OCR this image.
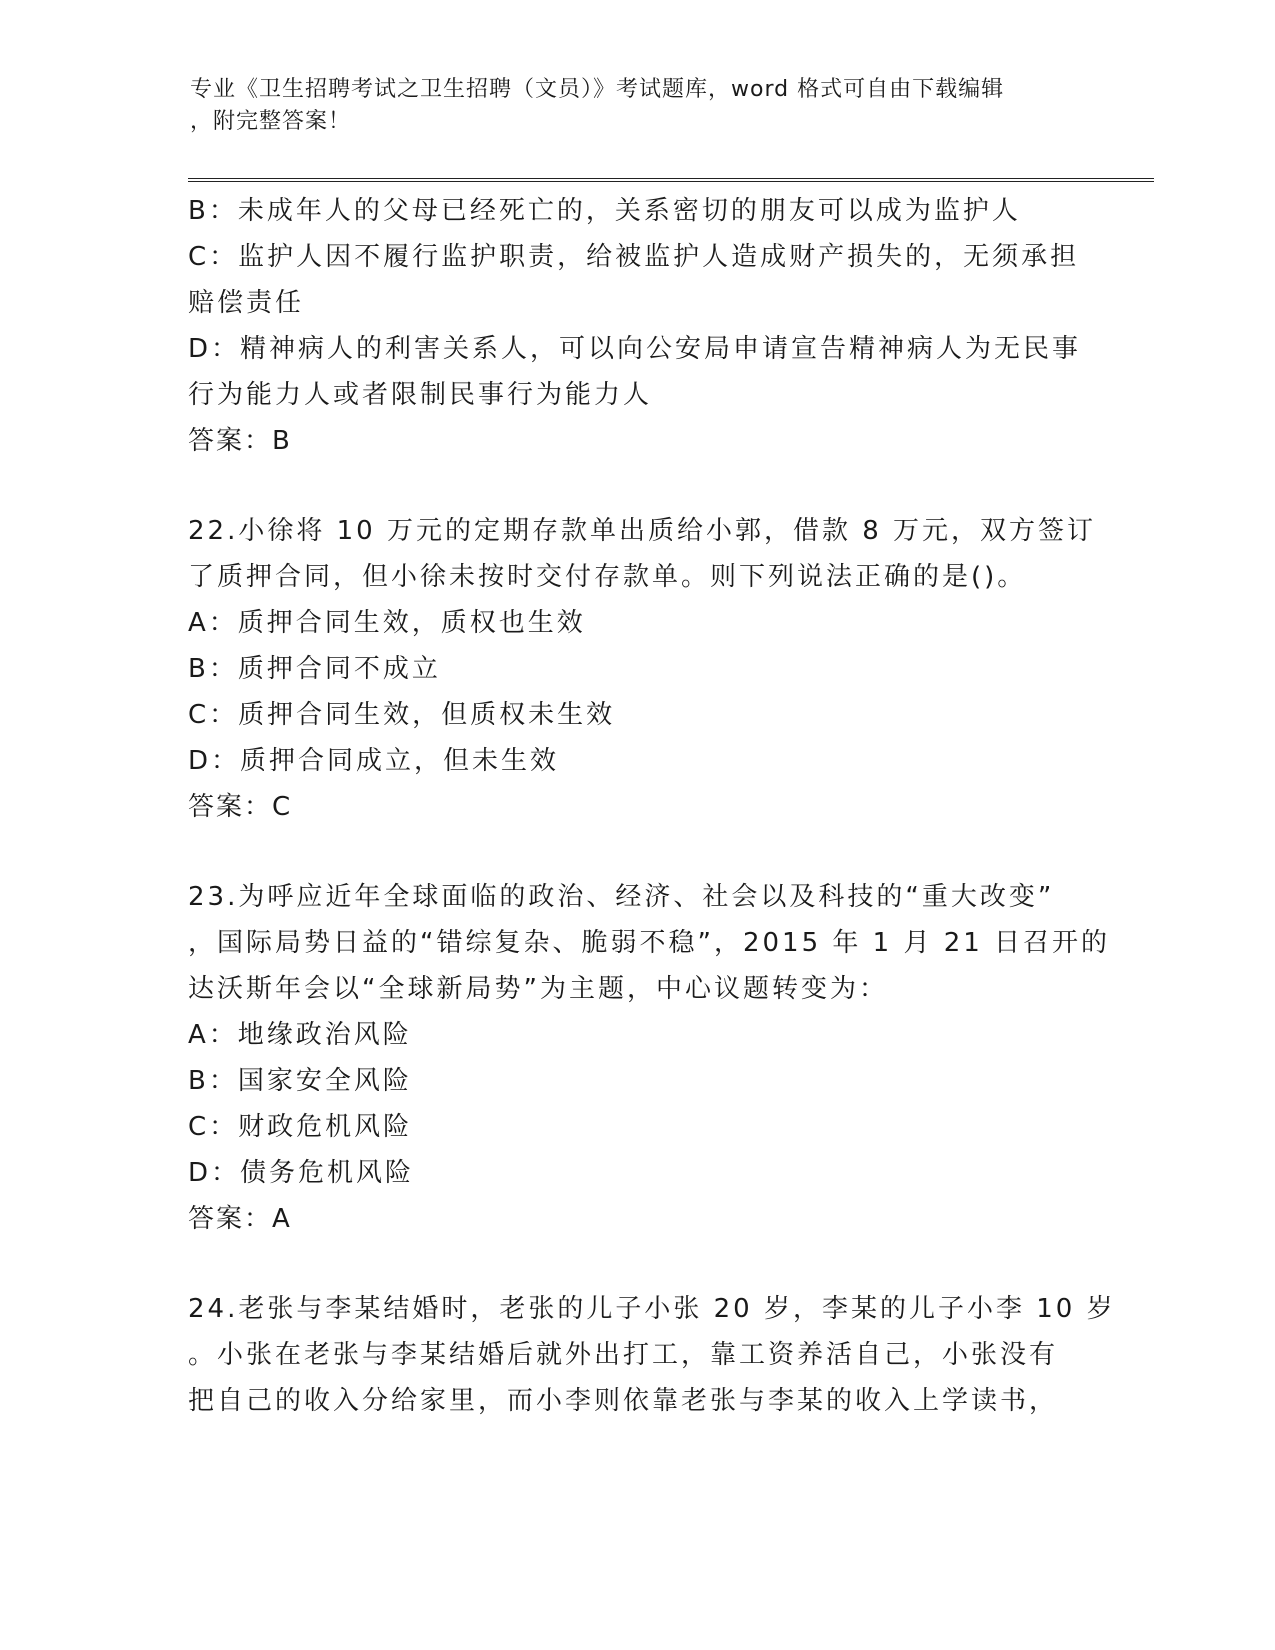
专业《卫生招聘考试之卫生招聘（文员）》考试题库，word 格式可自由下载编辑
，附完整答案！
B：未成年人的父母已经死亡的，关系密切的朋友可以成为监护人
C：监护人因不履行监护职责，给被监护人造成财产损失的，无须承担
赔偿责任
D：精神病人的利害关系人，可以向公安局申请宣告精神病人为无民事
行为能力人或者限制民事行为能力人
答案：B
22.小徐将 10 万元的定期存款单出质给小郭，借款 8 万元，双方签订
了质押合同，但小徐未按时交付存款单。则下列说法正确的是()。
A：质押合同生效，质权也生效
B：质押合同不成立
C：质押合同生效，但质权未生效
D：质押合同成立，但未生效
答案：C
23.为呼应近年全球面临的政治、经济、社会以及科技的“重大改变”
，国际局势日益的“错综复杂、脆弱不稳”，2015 年 1 月 21 日召开的
达沃斯年会以“全球新局势”为主题，中心议题转变为：
A：地缘政治风险
B：国家安全风险
C：财政危机风险
D：债务危机风险
答案：A
24.老张与李某结婚时，老张的儿子小张 20 岁，李某的儿子小李 10 岁
。小张在老张与李某结婚后就外出打工，靠工资养活自己，小张没有
把自己的收入分给家里，而小李则依靠老张与李某的收入上学读书，
